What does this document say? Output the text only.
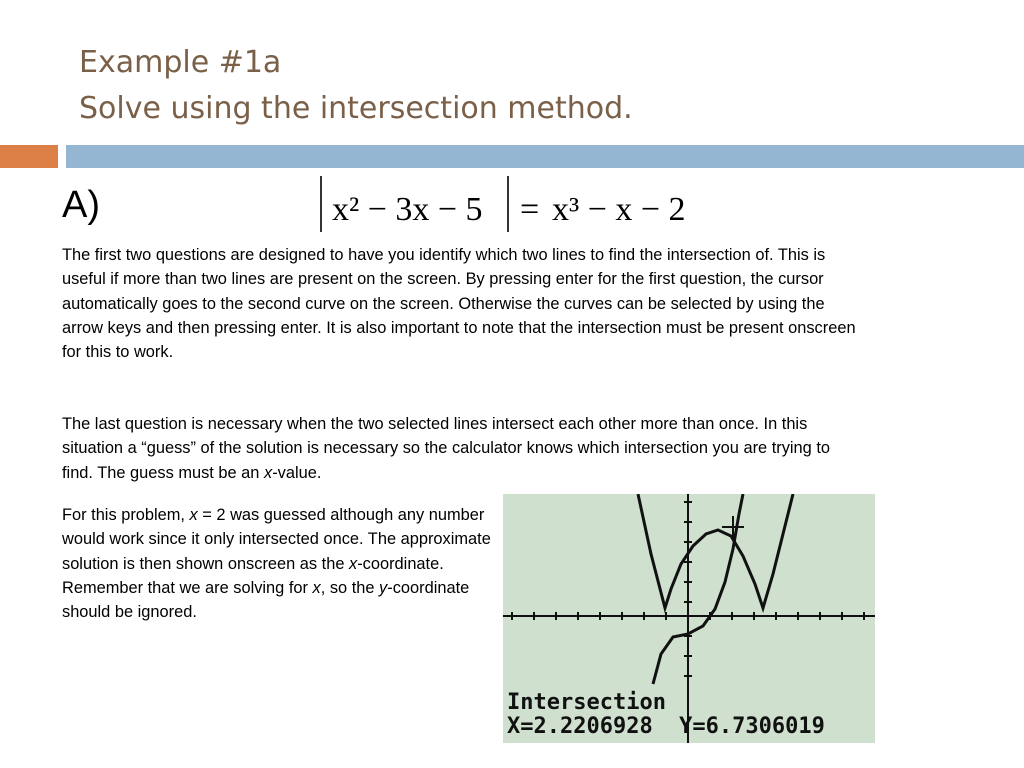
Example #1a
Solve using the intersection method.
A)	x² − 3x − 5 = x³ − x − 2

The first two questions are designed to have you identify which two lines to find the intersection of. This is useful if more than two lines are present on the screen. By pressing enter for the first question, the cursor automatically goes to the second curve on the screen. Otherwise the curves can be selected by using the arrow keys and then pressing enter. It is also important to note that the intersection must be present onscreen for this to work.

The last question is necessary when the two selected lines intersect each other more than once. In this situation a “guess” of the solution is necessary so the calculator knows which intersection you are trying to find. The guess must be an x-value.

For this problem, x = 2 was guessed although any number would work since it only intersected once. The approximate solution is then shown onscreen as the x-coordinate. Remember that we are solving for x, so the y-coordinate should be ignored.

Intersection
X=2.2206928  Y=6.7306019
